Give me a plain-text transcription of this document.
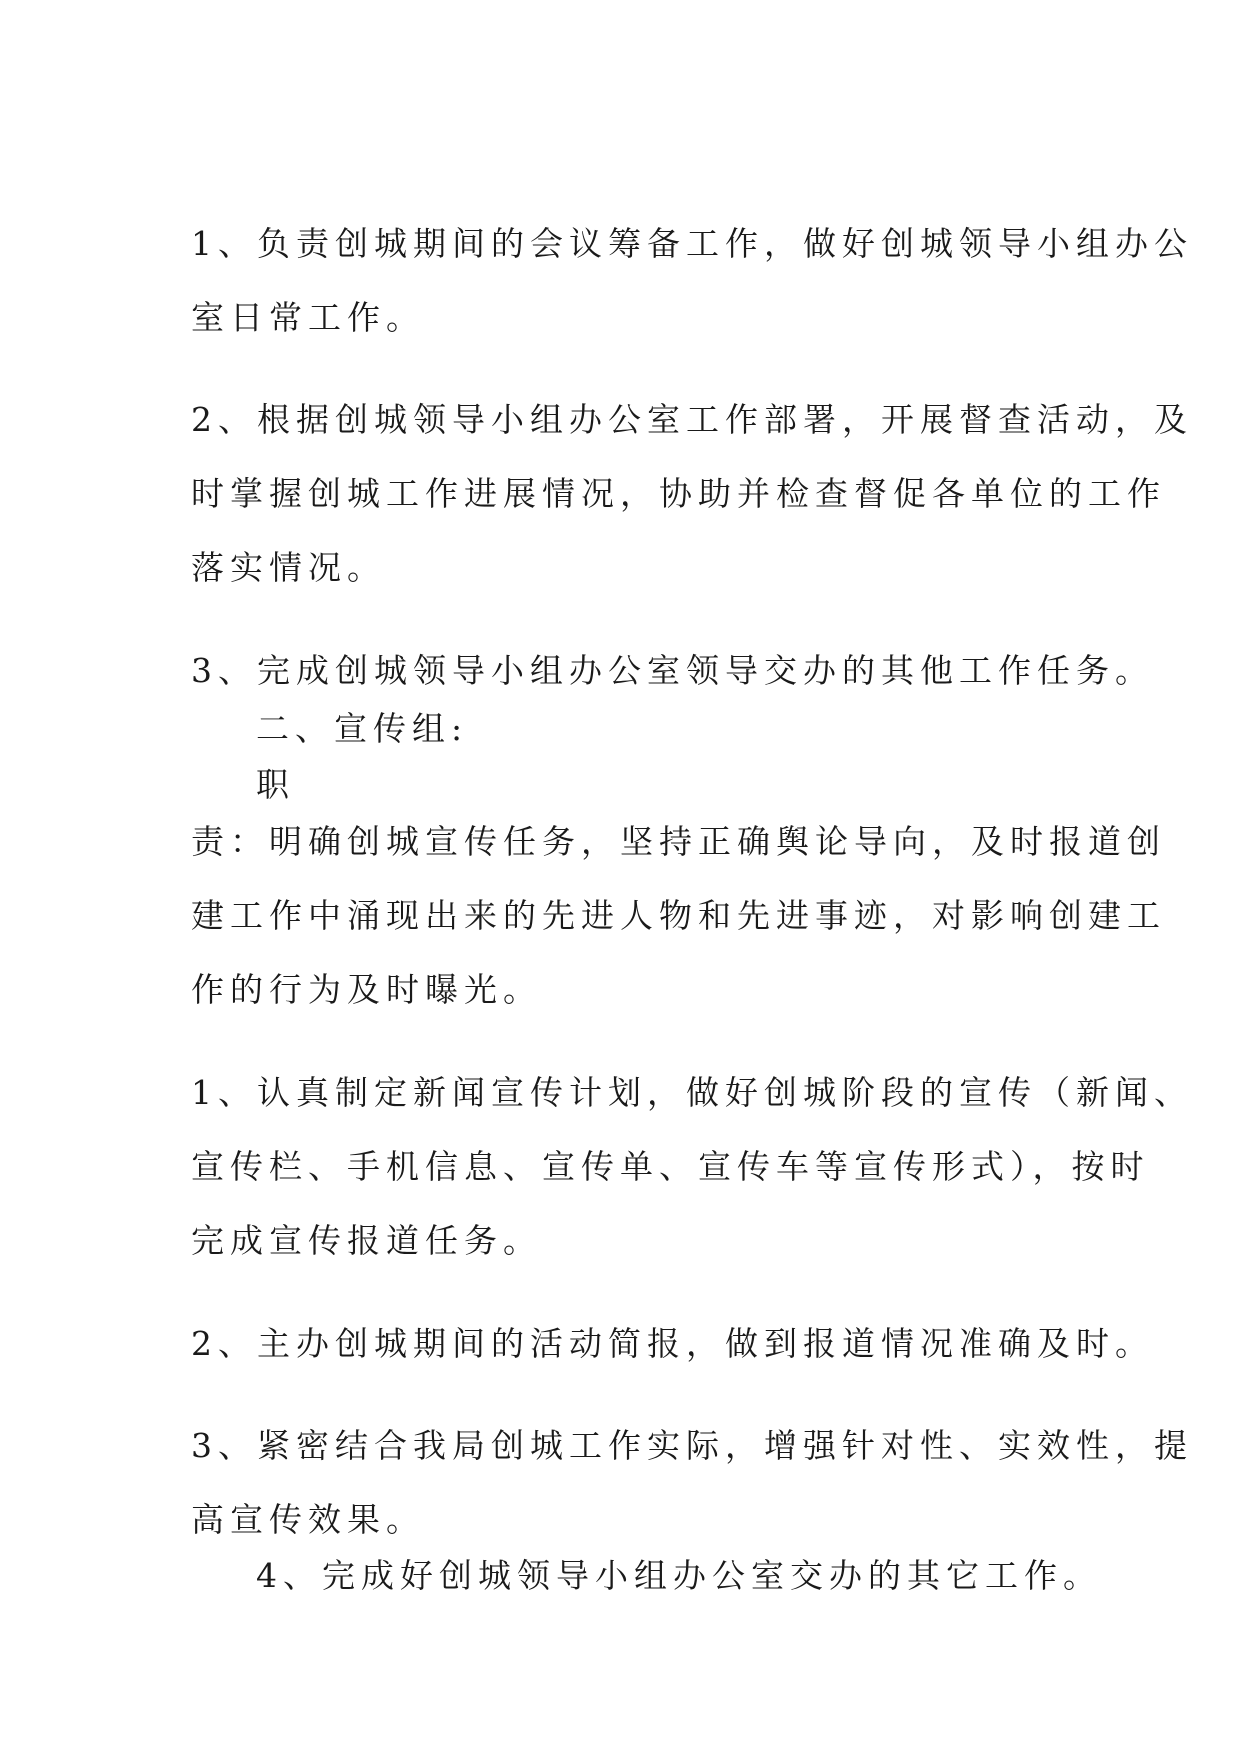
1、负责创城期间的会议筹备工作，做好创城领导小组办公
室日常工作。
2、根据创城领导小组办公室工作部署，开展督查活动，及
时掌握创城工作进展情况，协助并检查督促各单位的工作
落实情况。
3、完成创城领导小组办公室领导交办的其他工作任务。
二、宣传组:
职
责：明确创城宣传任务，坚持正确舆论导向，及时报道创
建工作中涌现出来的先进人物和先进事迹，对影响创建工
作的行为及时曝光。
1、认真制定新闻宣传计划，做好创城阶段的宣传（新闻、
宣传栏、手机信息、宣传单、宣传车等宣传形式），按时
完成宣传报道任务。
2、主办创城期间的活动简报，做到报道情况准确及时。
3、紧密结合我局创城工作实际，增强针对性、实效性，提
高宣传效果。
4、完成好创城领导小组办公室交办的其它工作。
